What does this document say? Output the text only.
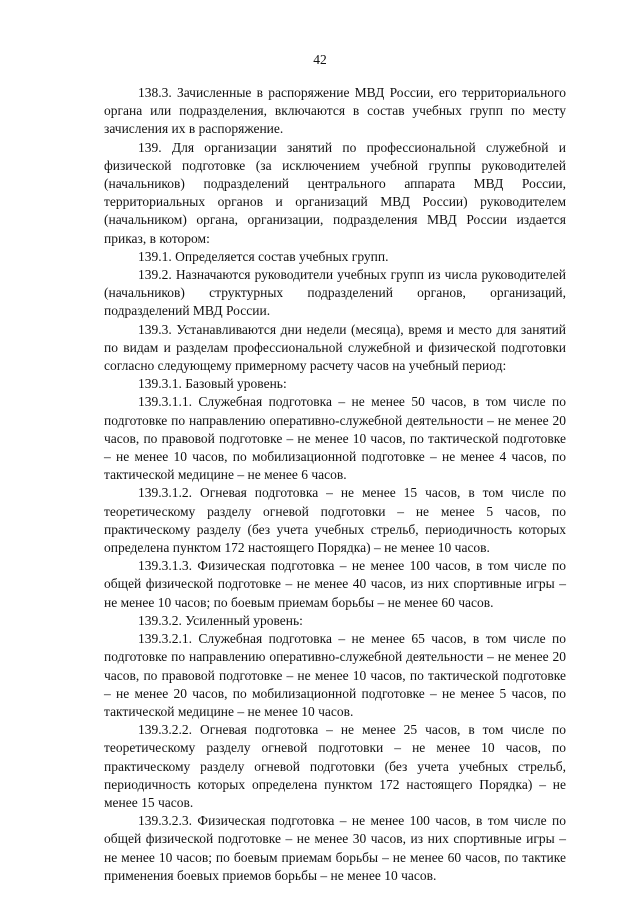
42

138.3. Зачисленные в распоряжение МВД России, его территориального органа или подразделения, включаются в состав учебных групп по месту зачисления их в распоряжение.

139. Для организации занятий по профессиональной служебной и физической подготовке (за исключением учебной группы руководителей (начальников) подразделений центрального аппарата МВД России, территориальных органов и организаций МВД России) руководителем (начальником) органа, организации, подразделения МВД России издается приказ, в котором:

139.1. Определяется состав учебных групп.

139.2. Назначаются руководители учебных групп из числа руководителей (начальников) структурных подразделений органов, организаций, подразделений МВД России.

139.3. Устанавливаются дни недели (месяца), время и место для занятий по видам и разделам профессиональной служебной и физической подготовки согласно следующему примерному расчету часов на учебный период:

139.3.1. Базовый уровень:

139.3.1.1. Служебная подготовка – не менее 50 часов, в том числе по подготовке по направлению оперативно-служебной деятельности – не менее 20 часов, по правовой подготовке – не менее 10 часов, по тактической подготовке – не менее 10 часов, по мобилизационной подготовке – не менее 4 часов, по тактической медицине – не менее 6 часов.

139.3.1.2. Огневая подготовка – не менее 15 часов, в том числе по теоретическому разделу огневой подготовки – не менее 5 часов, по практическому разделу (без учета учебных стрельб, периодичность которых определена пунктом 172 настоящего Порядка) – не менее 10 часов.

139.3.1.3. Физическая подготовка – не менее 100 часов, в том числе по общей физической подготовке – не менее 40 часов, из них спортивные игры – не менее 10 часов; по боевым приемам борьбы – не менее 60 часов.

139.3.2. Усиленный уровень:

139.3.2.1. Служебная подготовка – не менее 65 часов, в том числе по подготовке по направлению оперативно-служебной деятельности – не менее 20 часов, по правовой подготовке – не менее 10 часов, по тактической подготовке – не менее 20 часов, по мобилизационной подготовке – не менее 5 часов, по тактической медицине – не менее 10 часов.

139.3.2.2. Огневая подготовка – не менее 25 часов, в том числе по теоретическому разделу огневой подготовки – не менее 10 часов, по практическому разделу огневой подготовки (без учета учебных стрельб, периодичность которых определена пунктом 172 настоящего Порядка) – не менее 15 часов.

139.3.2.3. Физическая подготовка – не менее 100 часов, в том числе по общей физической подготовке – не менее 30 часов, из них спортивные игры – не менее 10 часов; по боевым приемам борьбы – не менее 60 часов, по тактике применения боевых приемов борьбы – не менее 10 часов.
